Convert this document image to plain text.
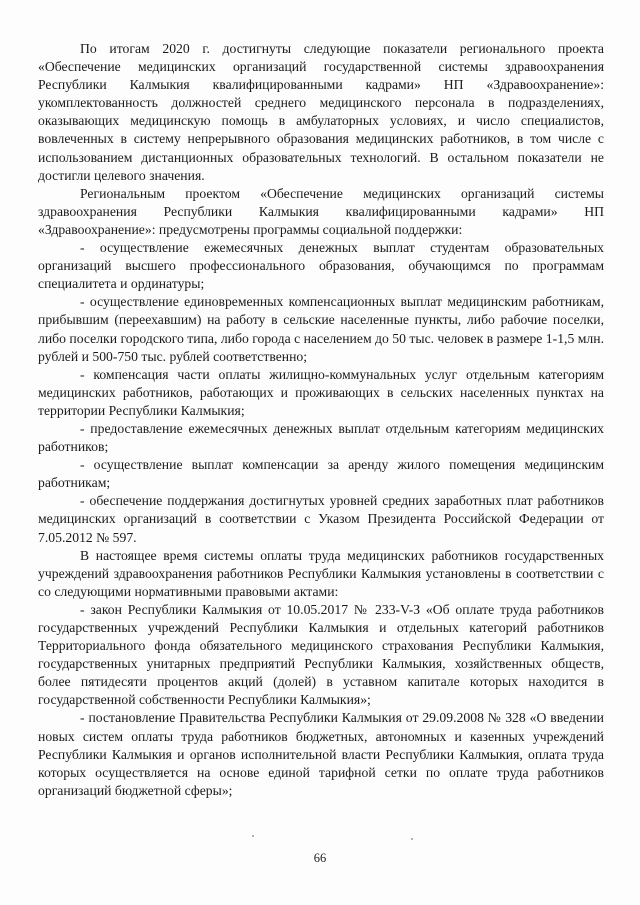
По итогам 2020 г. достигнуты следующие показатели регионального проекта «Обеспечение медицинских организаций государственной системы здравоохранения Республики Калмыкия квалифицированными кадрами» НП «Здравоохранение»: укомплектованность должностей среднего медицинского персонала в подразделениях, оказывающих медицинскую помощь в амбулаторных условиях, и число специалистов, вовлеченных в систему непрерывного образования медицинских работников, в том числе с использованием дистанционных образовательных технологий. В остальном показатели не достигли целевого значения.

Региональным проектом «Обеспечение медицинских организаций системы здравоохранения Республики Калмыкия квалифицированными кадрами» НП «Здравоохранение»: предусмотрены программы социальной поддержки:

- осуществление ежемесячных денежных выплат студентам образовательных организаций высшего профессионального образования, обучающимся по программам специалитета и ординатуры;

- осуществление единовременных компенсационных выплат медицинским работникам, прибывшим (переехавшим) на работу в сельские населенные пункты, либо рабочие поселки, либо поселки городского типа, либо города с населением до 50 тыс. человек в размере 1-1,5 млн. рублей и 500-750 тыс. рублей соответственно;

- компенсация части оплаты жилищно-коммунальных услуг отдельным категориям медицинских работников, работающих и проживающих в сельских населенных пунктах на территории Республики Калмыкия;

- предоставление ежемесячных денежных выплат отдельным категориям медицинских работников;

- осуществление выплат компенсации за аренду жилого помещения медицинским работникам;

- обеспечение поддержания достигнутых уровней средних заработных плат работников медицинских организаций в соответствии с Указом Президента Российской Федерации от 7.05.2012 № 597.

В настоящее время системы оплаты труда медицинских работников государственных учреждений здравоохранения работников Республики Калмыкия установлены в соответствии с со следующими нормативными правовыми актами:

- закон Республики Калмыкия от 10.05.2017 № 233-V-З «Об оплате труда работников государственных учреждений Республики Калмыкия и отдельных категорий работников Территориального фонда обязательного медицинского страхования Республики Калмыкия, государственных унитарных предприятий Республики Калмыкия, хозяйственных обществ, более пятидесяти процентов акций (долей) в уставном капитале которых находится в государственной собственности Республики Калмыкия»;

- постановление Правительства Республики Калмыкия от 29.09.2008 № 328 «О введении новых систем оплаты труда работников бюджетных, автономных и казенных учреждений Республики Калмыкия и органов исполнительной власти Республики Калмыкия, оплата труда которых осуществляется на основе единой тарифной сетки по оплате труда работников организаций бюджетной сферы»;

66
